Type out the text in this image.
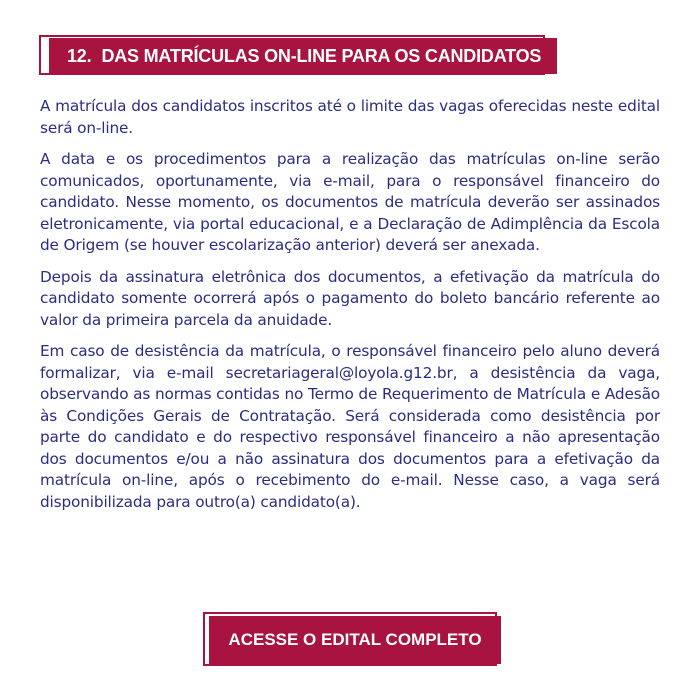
12. DAS MATRÍCULAS ON-LINE PARA OS CANDIDATOS

A matrícula dos candidatos inscritos até o limite das vagas oferecidas neste edital será on-line.

A data e os procedimentos para a realização das matrículas on-line serão comunicados, oportunamente, via e-mail, para o responsável financeiro do candidato. Nesse momento, os documentos de matrícula deverão ser assinados eletronicamente, via portal educacional, e a Declaração de Adimplência da Escola de Origem (se houver escolarização anterior) deverá ser anexada.

Depois da assinatura eletrônica dos documentos, a efetivação da matrícula do candidato somente ocorrerá após o pagamento do boleto bancário referente ao valor da primeira parcela da anuidade.

Em caso de desistência da matrícula, o responsável financeiro pelo aluno deverá formalizar, via e-mail secretariageral@loyola.g12.br, a desistência da vaga, observando as normas contidas no Termo de Requerimento de Matrícula e Adesão às Condições Gerais de Contratação. Será considerada como desistência por parte do candidato e do respectivo responsável financeiro a não apresentação dos documentos e/ou a não assinatura dos documentos para a efetivação da matrícula on-line, após o recebimento do e-mail. Nesse caso, a vaga será disponibilizada para outro(a) candidato(a).

ACESSE O EDITAL COMPLETO
